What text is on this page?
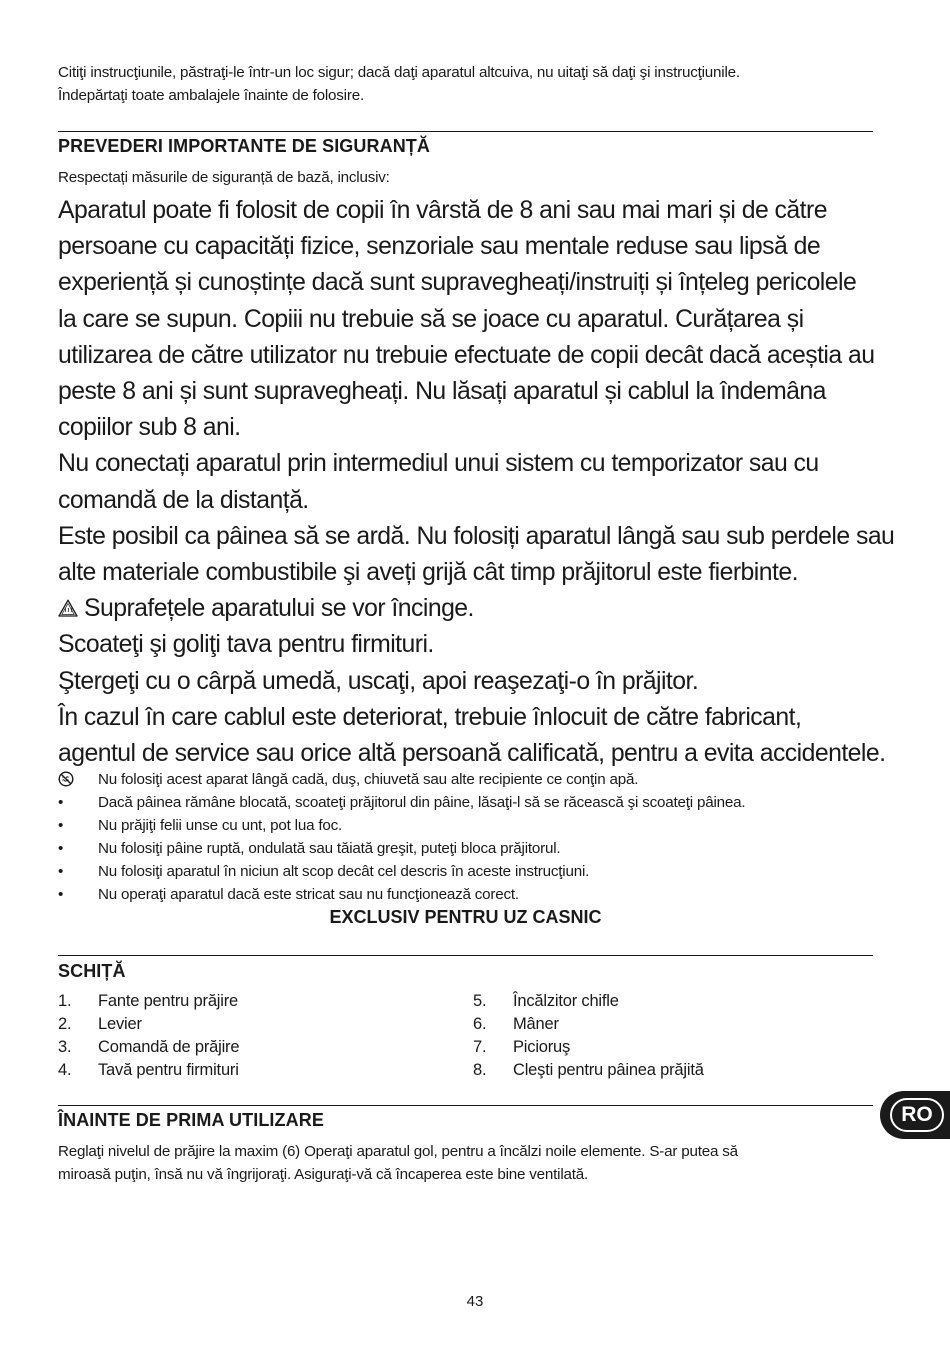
Citiţi instrucţiunile, păstraţi-le într-un loc sigur; dacă daţi aparatul altcuiva, nu uitaţi să daţi şi instrucţiunile.
Îndepărtaţi toate ambalajele înainte de folosire.
PREVEDERI IMPORTANTE DE SIGURANȚĂ
Respectați măsurile de siguranță de bază, inclusiv:
Aparatul poate fi folosit de copii în vârstă de 8 ani sau mai mari și de către
persoane cu capacități fizice, senzoriale sau mentale reduse sau lipsă de
experiență și cunoștințe dacă sunt supravegheați/instruiți și înțeleg pericolele
la care se supun. Copiii nu trebuie să se joace cu aparatul. Curățarea și
utilizarea de către utilizator nu trebuie efectuate de copii decât dacă aceștia au
peste 8 ani și sunt supravegheați. Nu lăsați aparatul și cablul la îndemâna
copiilor sub 8 ani.
Nu conectați aparatul prin intermediul unui sistem cu temporizator sau cu
comandă de la distanță.
Este posibil ca pâinea să se ardă. Nu folosiți aparatul lângă sau sub perdele sau
alte materiale combustibile şi aveți grijă cât timp prăjitorul este fierbinte.
Suprafețele aparatului se vor încinge.
Scoateţi şi goliţi tava pentru firmituri.
Ştergeţi cu o cârpă umedă, uscaţi, apoi reaşezaţi-o în prăjitor.
În cazul în care cablul este deteriorat, trebuie înlocuit de către fabricant,
agentul de service sau orice altă persoană calificată, pentru a evita accidentele.
Nu folosiţi acest aparat lângă cadă, duş, chiuvetă sau alte recipiente ce conţin apă.
•	Dacă pâinea rămâne blocată, scoateţi prăjitorul din pâine, lăsaţi-l să se răcească şi scoateţi pâinea.
•	Nu prăjiţi felii unse cu unt, pot lua foc.
•	Nu folosiţi pâine ruptă, ondulată sau tăiată greşit, puteţi bloca prăjitorul.
•	Nu folosiţi aparatul în niciun alt scop decât cel descris în aceste instrucţiuni.
•	Nu operaţi aparatul dacă este stricat sau nu funcţionează corect.
EXCLUSIV PENTRU UZ CASNIC
SCHIȚĂ
1. Fante pentru prăjire
2. Levier
3. Comandă de prăjire
4. Tavă pentru firmituri
5. Încălzitor chifle
6. Mâner
7. Picioruş
8. Cleşti pentru pâinea prăjită
ÎNAINTE DE PRIMA UTILIZARE
Reglaţi nivelul de prăjire la maxim (6) Operaţi aparatul gol, pentru a încălzi noile elemente. S-ar putea să
miroasă puţin, însă nu vă îngrijoraţi. Asiguraţi-vă că încaperea este bine ventilată.
RO
43
